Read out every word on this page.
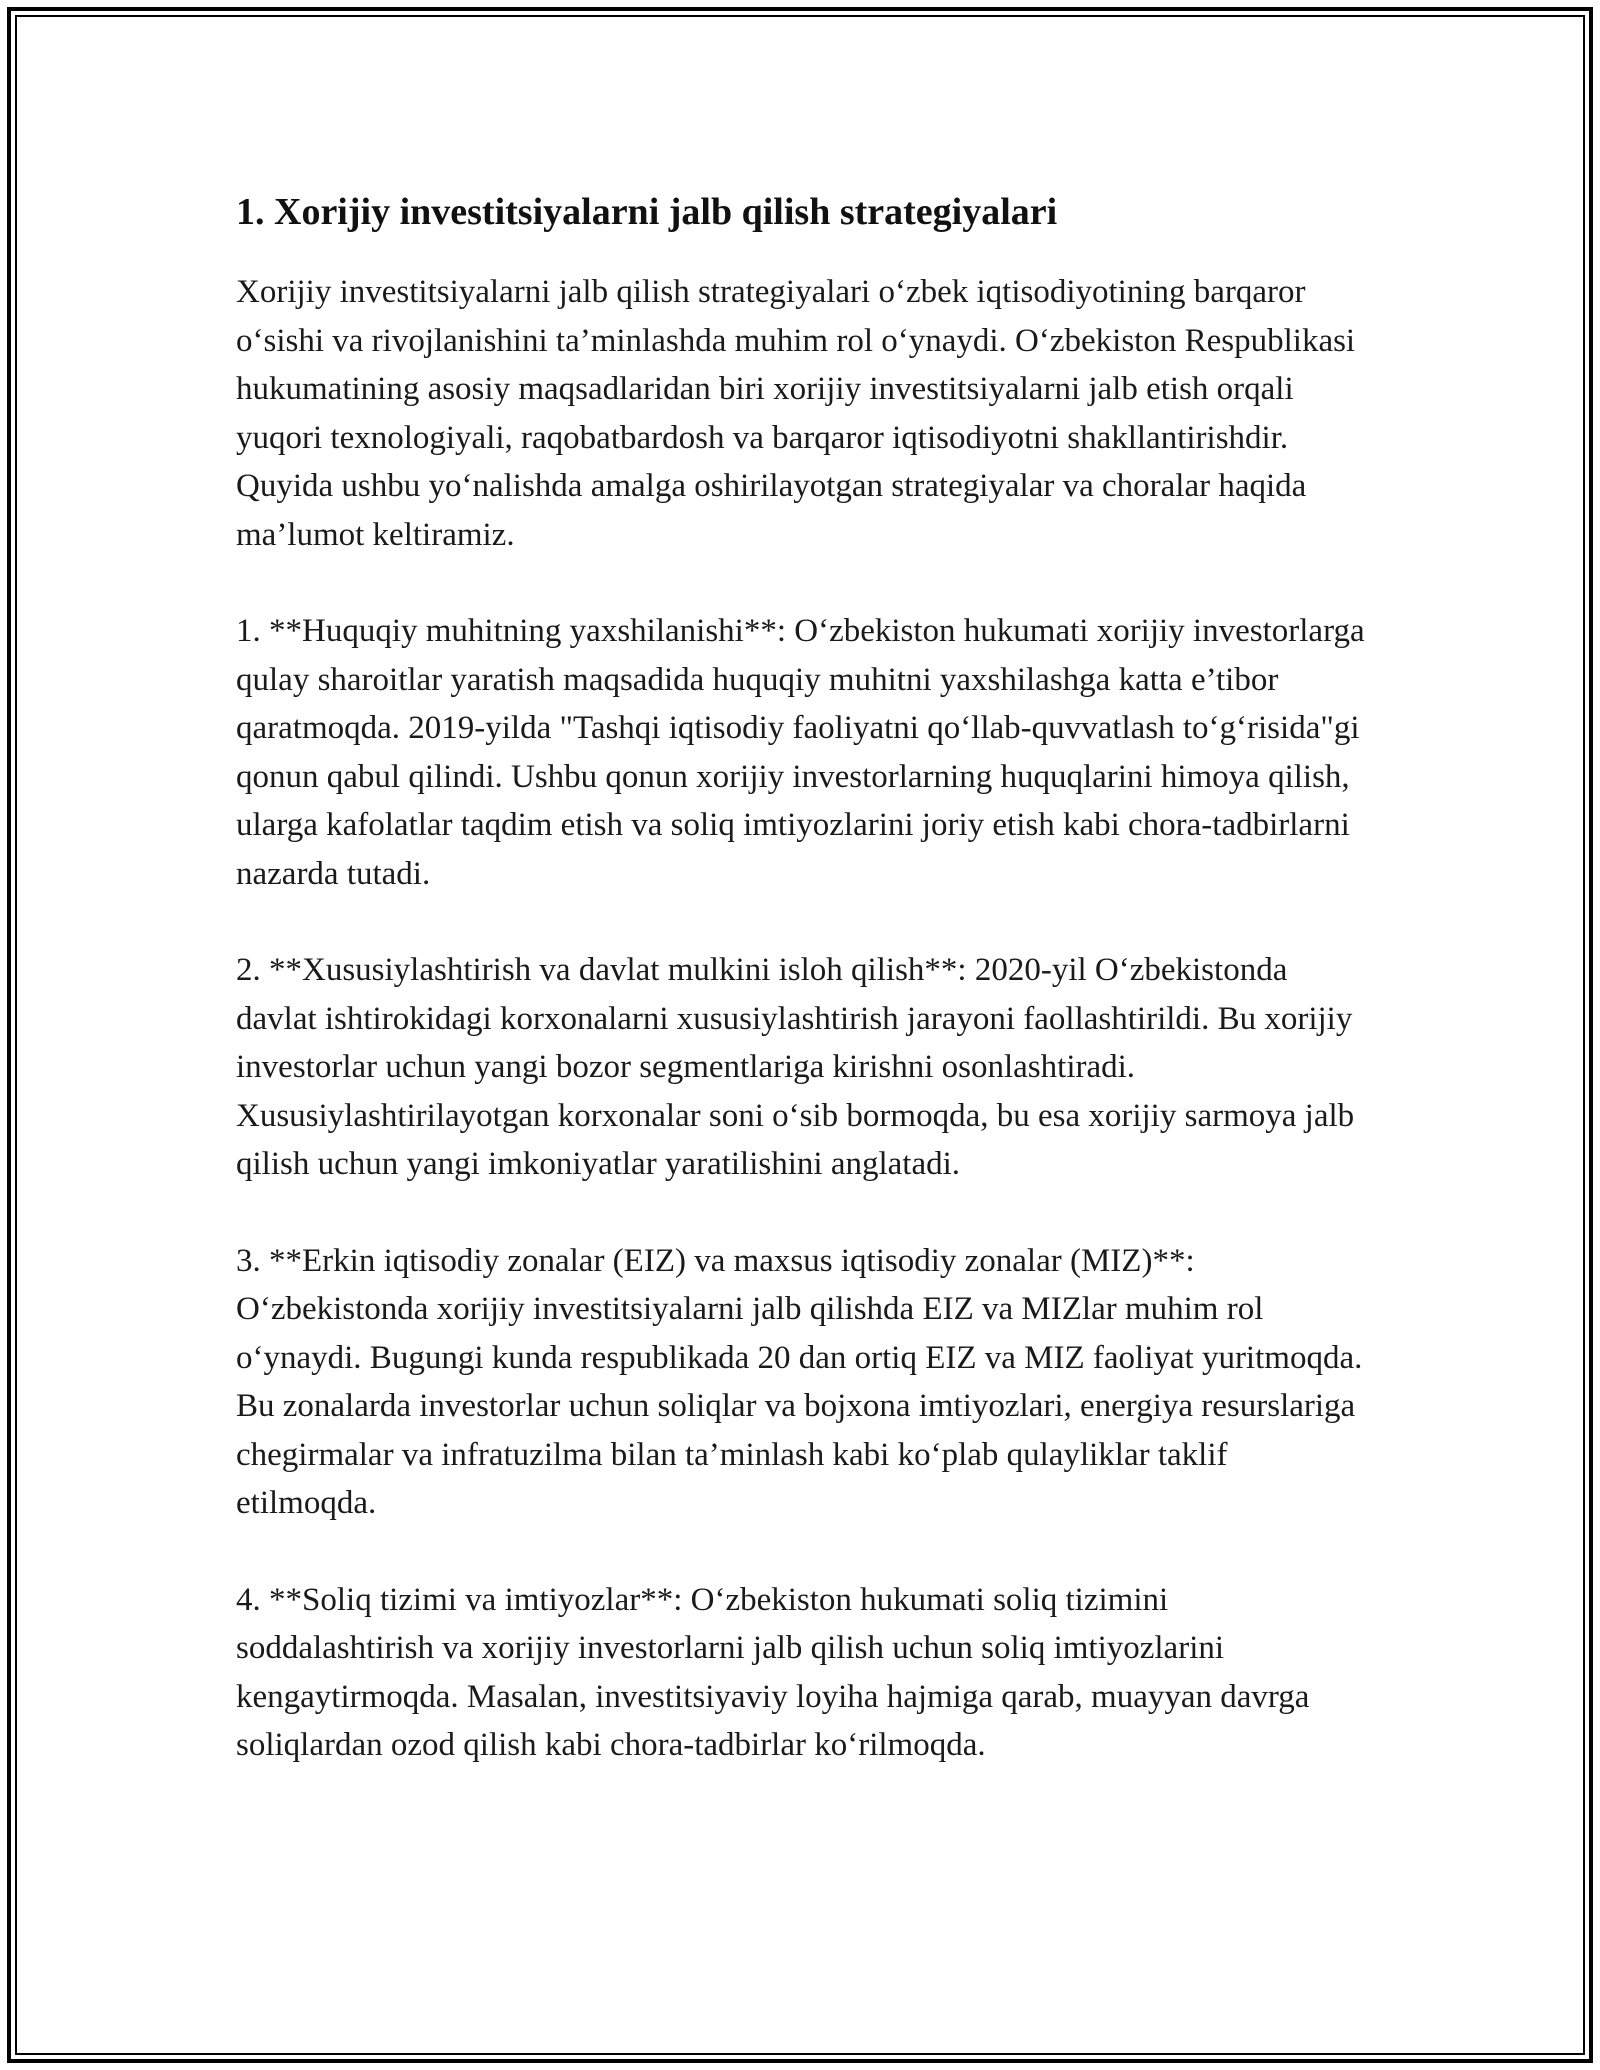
1. Xorijiy investitsiyalarni jalb qilish strategiyalari

Xorijiy investitsiyalarni jalb qilish strategiyalari o‘zbek iqtisodiyotining barqaror o‘sishi va rivojlanishini ta’minlashda muhim rol o‘ynaydi. O‘zbekiston Respublikasi hukumatining asosiy maqsadlaridan biri xorijiy investitsiyalarni jalb etish orqali yuqori texnologiyali, raqobatbardosh va barqaror iqtisodiyotni shakllantirishdir. Quyida ushbu yo‘nalishda amalga oshirilayotgan strategiyalar va choralar haqida ma’lumot keltiramiz.

1. **Huquqiy muhitning yaxshilanishi**: O‘zbekiston hukumati xorijiy investorlarga qulay sharoitlar yaratish maqsadida huquqiy muhitni yaxshilashga katta e’tibor qaratmoqda. 2019-yilda "Tashqi iqtisodiy faoliyatni qo‘llab-quvvatlash to‘g‘risida"gi qonun qabul qilindi. Ushbu qonun xorijiy investorlarning huquqlarini himoya qilish, ularga kafolatlar taqdim etish va soliq imtiyozlarini joriy etish kabi chora-tadbirlarni nazarda tutadi.

2. **Xususiylashtirish va davlat mulkini isloh qilish**: 2020-yil O‘zbekistonda davlat ishtirokidagi korxonalarni xususiylashtirish jarayoni faollashtirildi. Bu xorijiy investorlar uchun yangi bozor segmentlariga kirishni osonlashtiradi. Xususiylashtirilayotgan korxonalar soni o‘sib bormoqda, bu esa xorijiy sarmoya jalb qilish uchun yangi imkoniyatlar yaratilishini anglatadi.

3. **Erkin iqtisodiy zonalar (EIZ) va maxsus iqtisodiy zonalar (MIZ)**: O‘zbekistonda xorijiy investitsiyalarni jalb qilishda EIZ va MIZlar muhim rol o‘ynaydi. Bugungi kunda respublikada 20 dan ortiq EIZ va MIZ faoliyat yuritmoqda. Bu zonalarda investorlar uchun soliqlar va bojxona imtiyozlari, energiya resurslariga chegirmalar va infratuzilma bilan ta’minlash kabi ko‘plab qulayliklar taklif etilmoqda.

4. **Soliq tizimi va imtiyozlar**: O‘zbekiston hukumati soliq tizimini soddalashtirish va xorijiy investorlarni jalb qilish uchun soliq imtiyozlarini kengaytirmoqda. Masalan, investitsiyaviy loyiha hajmiga qarab, muayyan davrga soliqlardan ozod qilish kabi chora-tadbirlar ko‘rilmoqda.
